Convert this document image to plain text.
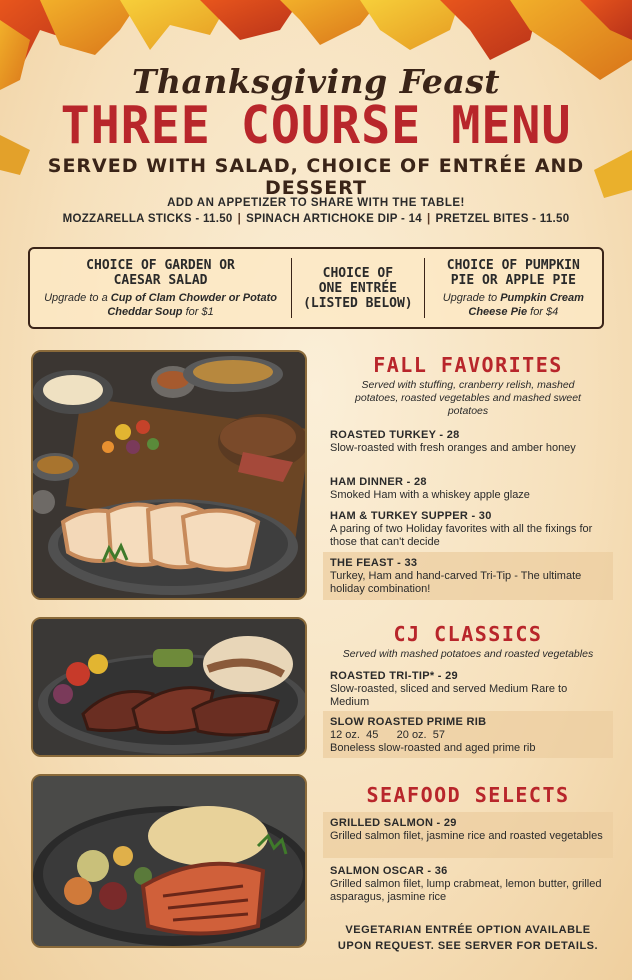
Thanksgiving Feast
THREE COURSE MENU
SERVED WITH SALAD, CHOICE OF ENTRÉE AND DESSERT
ADD AN APPETIZER TO SHARE WITH THE TABLE!
MOZZARELLA STICKS - 11.50 | SPINACH ARTICHOKE DIP - 14 | PRETZEL BITES - 11.50
CHOICE OF GARDEN OR
CAESAR SALAD
Upgrade to a Cup of Clam Chowder or Potato Cheddar Soup for $1
CHOICE OF
ONE ENTRÉE
(LISTED BELOW)
CHOICE OF PUMPKIN
PIE OR APPLE PIE
Upgrade to Pumpkin Cream Cheese Pie for $4
FALL FAVORITES
Served with stuffing, cranberry relish, mashed potatoes, roasted vegetables and mashed sweet potatoes
ROASTED TURKEY - 28
Slow-roasted with fresh oranges and amber honey
HAM DINNER - 28
Smoked Ham with a whiskey apple glaze
HAM & TURKEY SUPPER - 30
A paring of two Holiday favorites with all the fixings for those that can't decide
THE FEAST - 33
Turkey, Ham and hand-carved Tri-Tip - The ultimate holiday combination!
CJ CLASSICS
Served with mashed potatoes and roasted vegetables
ROASTED TRI-TIP* - 29
Slow-roasted, sliced and served Medium Rare to Medium
SLOW ROASTED PRIME RIB
12 oz.  45      20 oz.  57
Boneless slow-roasted and aged prime rib
SEAFOOD SELECTS
GRILLED SALMON - 29
Grilled salmon filet, jasmine rice and roasted vegetables
SALMON OSCAR - 36
Grilled salmon filet, lump crabmeat, lemon butter, grilled asparagus, jasmine rice
VEGETARIAN ENTRÉE OPTION AVAILABLE
UPON REQUEST. SEE SERVER FOR DETAILS.
